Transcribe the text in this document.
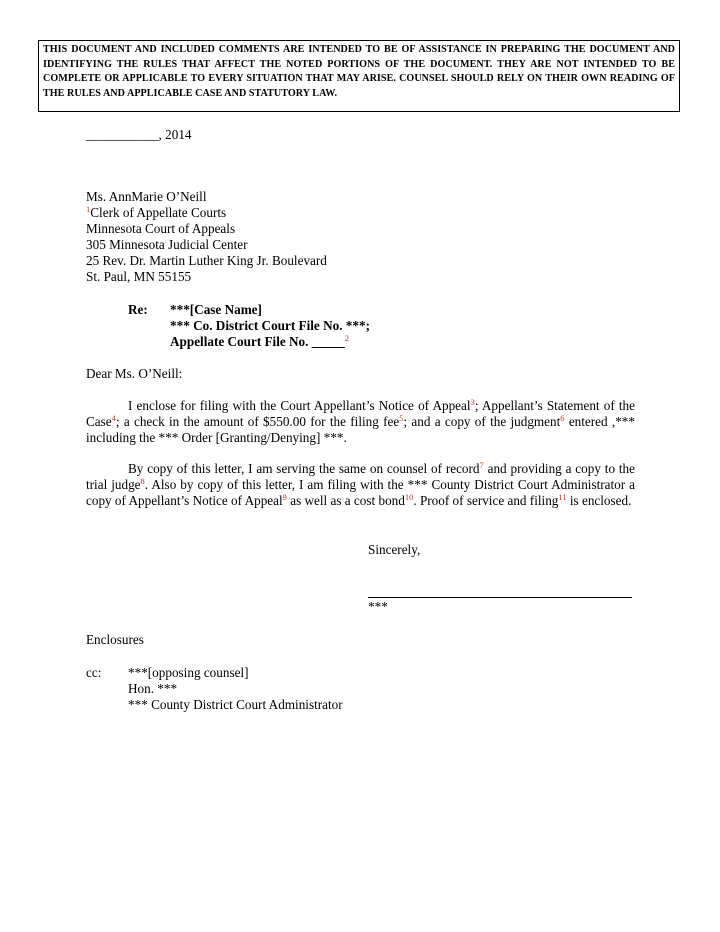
THIS DOCUMENT AND INCLUDED COMMENTS ARE INTENDED TO BE OF ASSISTANCE IN PREPARING THE DOCUMENT AND IDENTIFYING THE RULES THAT AFFECT THE NOTED PORTIONS OF THE DOCUMENT. THEY ARE NOT INTENDED TO BE COMPLETE OR APPLICABLE TO EVERY SITUATION THAT MAY ARISE. COUNSEL SHOULD RELY ON THEIR OWN READING OF THE RULES AND APPLICABLE CASE AND STATUTORY LAW.
___________, 2014
Ms. AnnMarie O’Neill
$^1$Clerk of Appellate Courts
Minnesota Court of Appeals
305 Minnesota Judicial Center
25 Rev. Dr. Martin Luther King Jr. Boulevard
St. Paul, MN 55155
Re: ***[Case Name]
*** Co. District Court File No. ***;
Appellate Court File No. _____$^2$
Dear Ms. O’Neill:
I enclose for filing with the Court Appellant’s Notice of Appeal$^3$; Appellant’s Statement of the Case$^4$; a check in the amount of $550.00 for the filing fee$^5$; and a copy of the judgment$^6$ entered ,*** including the *** Order [Granting/Denying] ***.
By copy of this letter, I am serving the same on counsel of record$^7$ and providing a copy to the trial judge$^8$. Also by copy of this letter, I am filing with the *** County District Court Administrator a copy of Appellant’s Notice of Appeal$^9$ as well as a cost bond$^{10}$. Proof of service and filing$^{11}$ is enclosed.
Sincerely,
***
Enclosures
cc: ***[opposing counsel]
Hon. ***
*** County District Court Administrator
